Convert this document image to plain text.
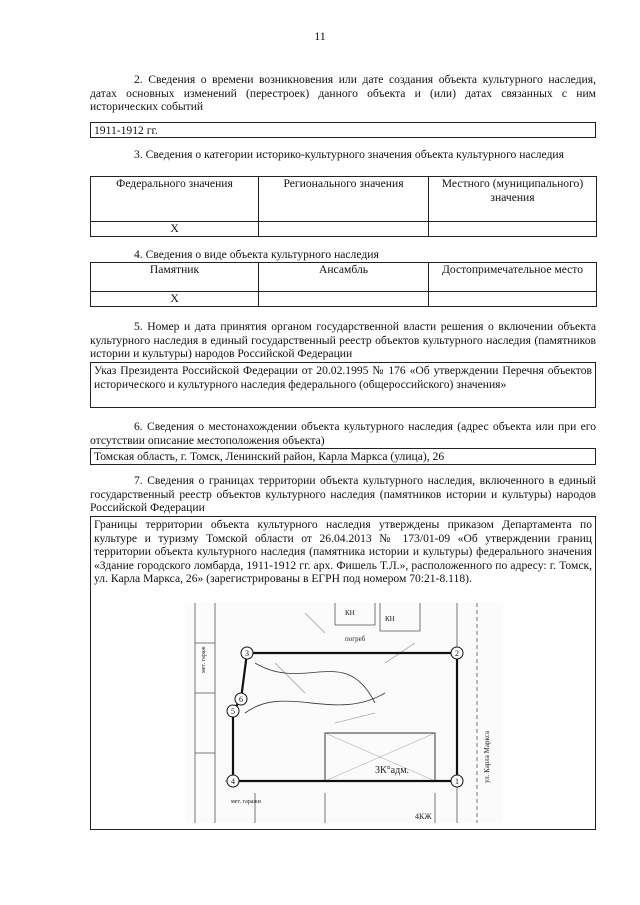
11
2. Сведения о времени возникновения или дате создания объекта культурного наследия, датах основных изменений (перестроек) данного объекта и (или) датах связанных с ним исторических событий
1911-1912 гг.
3. Сведения о категории историко-культурного значения объекта культурного наследия
Федерального значения	Регионального значения	Местного (муниципального) значения
Х		
4. Сведения о виде объекта культурного наследия
Памятник	Ансамбль	Достопримечательное место
Х		
5. Номер и дата принятия органом государственной власти решения о включении объекта культурного наследия в единый государственный реестр объектов культурного наследия (памятников истории и культуры) народов Российской Федерации
Указ Президента Российской Федерации от 20.02.1995 № 176 «Об утверждении Перечня объектов исторического и культурного наследия федерального (общероссийского) значения»
6. Сведения о местонахождении объекта культурного наследия (адрес объекта или при его отсутствии описание местоположения объекта)
Томская область, г. Томск, Ленинский район, Карла Маркса (улица), 26
7. Сведения о границах территории объекта культурного наследия, включенного в единый государственный реестр объектов культурного наследия (памятников истории и культуры) народов Российской Федерации
Границы территории объекта культурного наследия утверждены приказом Департамента по культуре и туризму Томской области от 26.04.2013 № 173/01-09 «Об утверждении границ территории объекта культурного наследия (памятника истории и культуры) федерального значения «Здание городского ломбарда, 1911-1912 гг. арх. Фишель Т.Л.», расположенного по адресу: г. Томск, ул. Карла Маркса, 26» (зарегистрированы в ЕГРН под номером 70:21-8.118).
3	2
1
4
5
6
ЗК°адм.
4КЖ
КН
КН
погреб
мет. гаражи
мет. гараж
ул. Карла Маркса
